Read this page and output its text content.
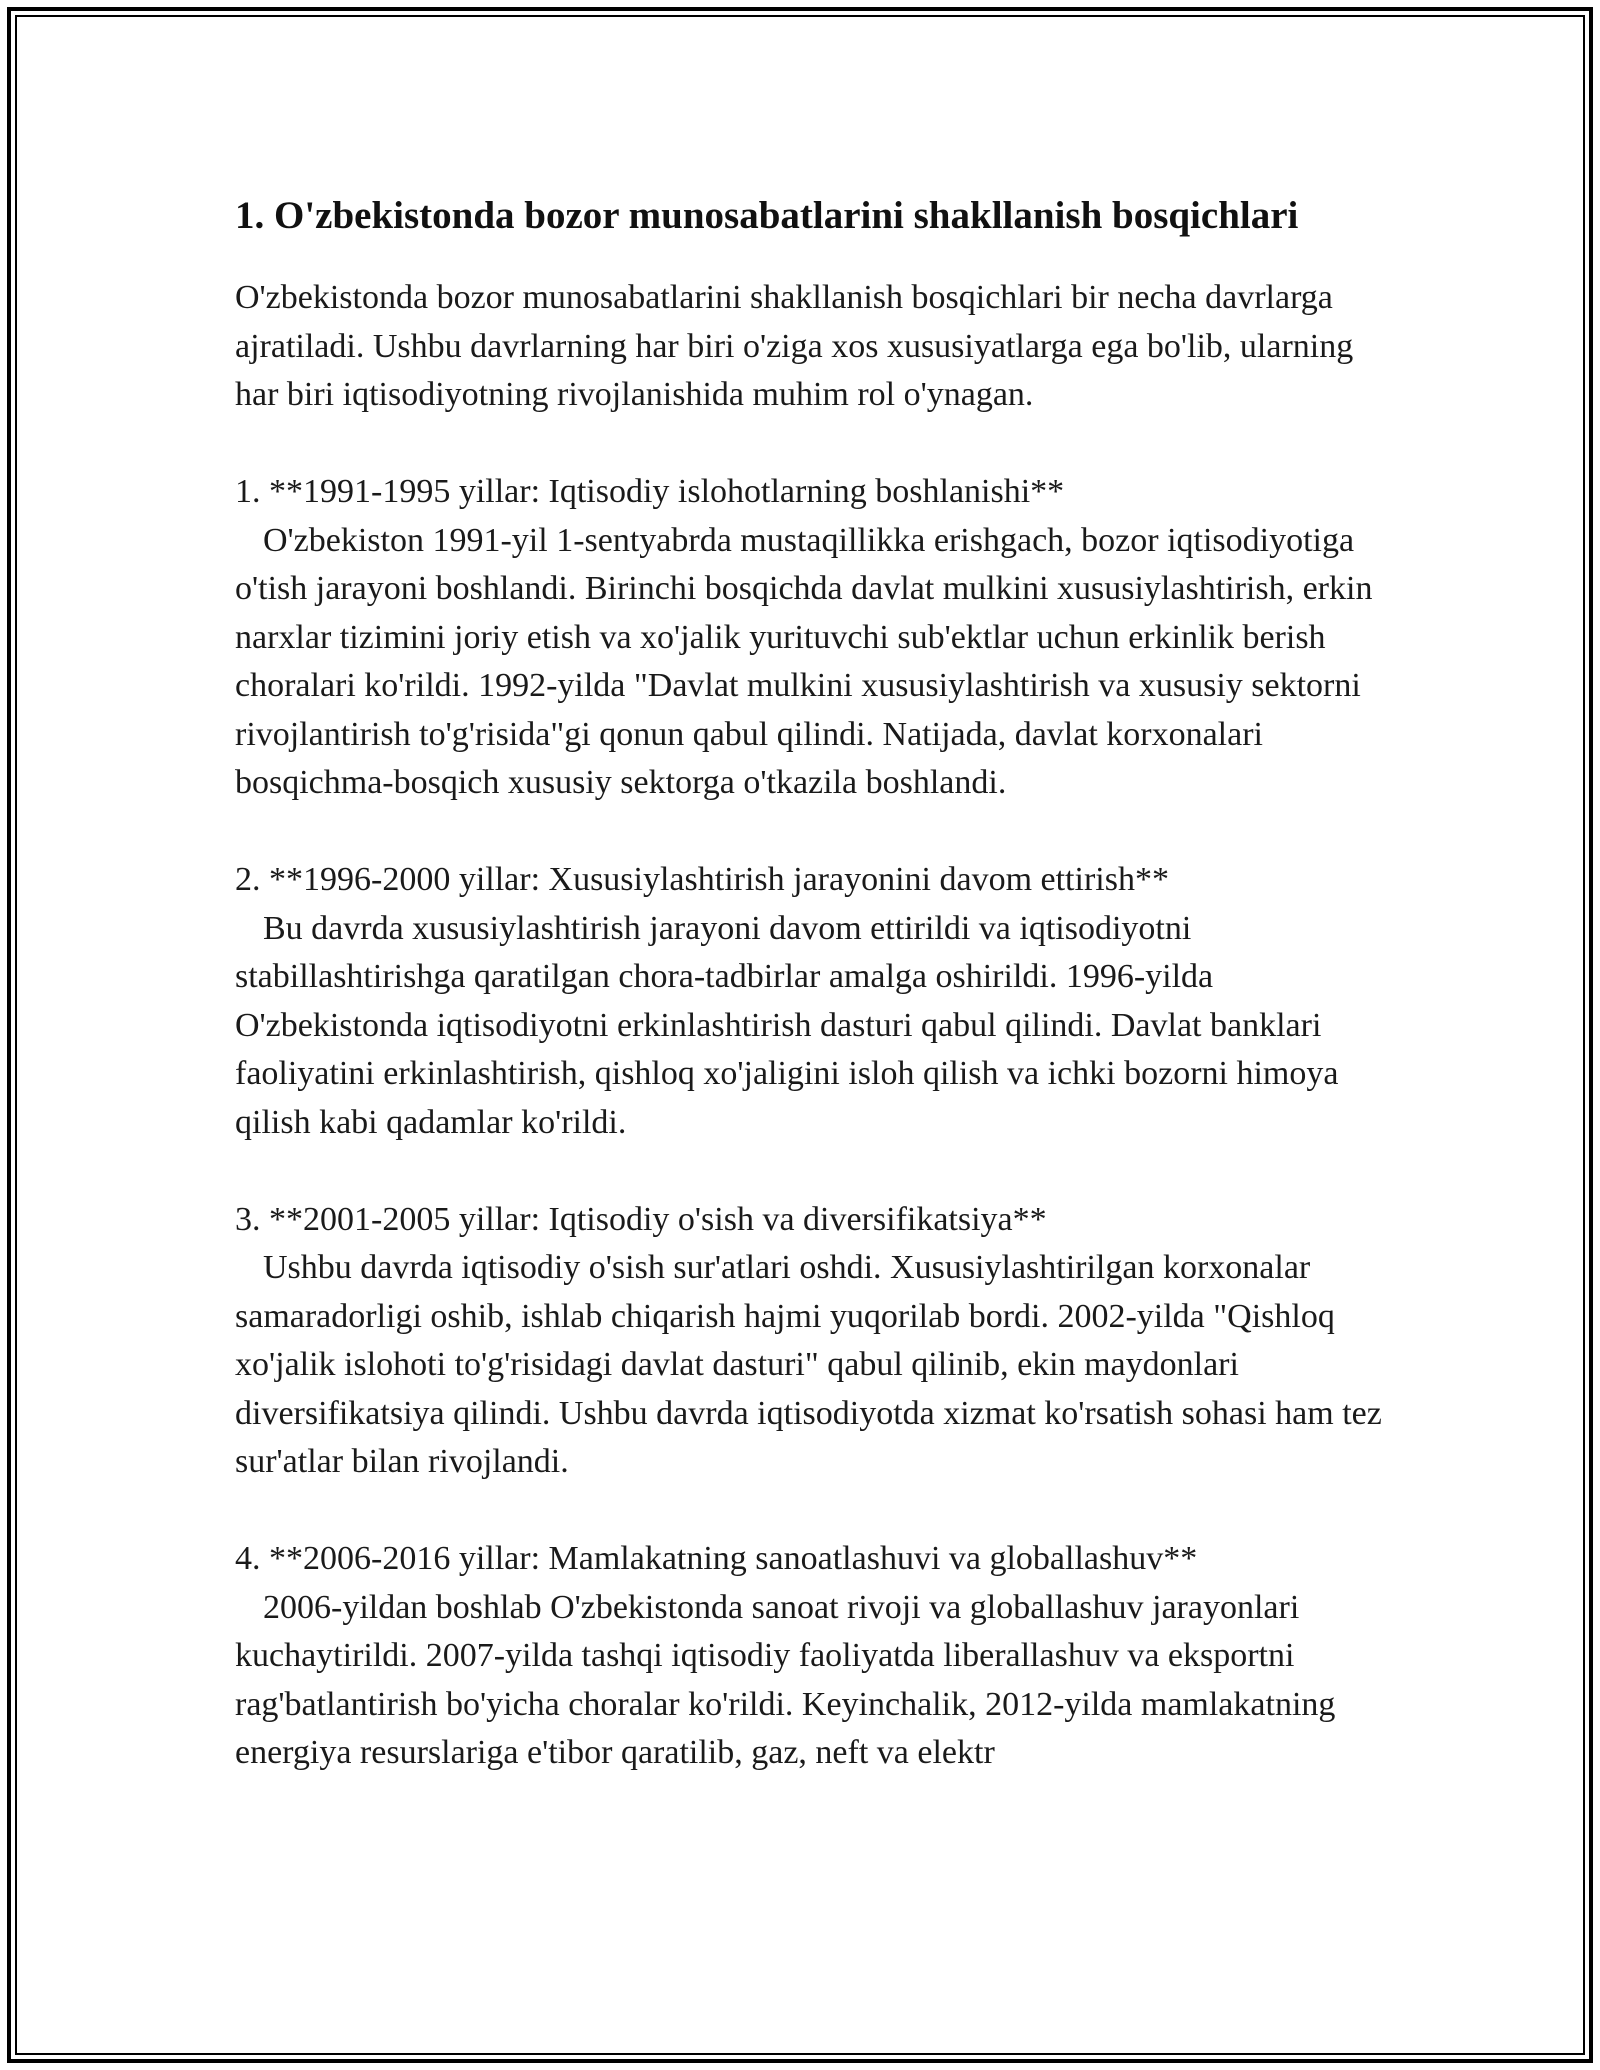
1. O'zbekistonda bozor munosabatlarini shakllanish bosqichlari

O'zbekistonda bozor munosabatlarini shakllanish bosqichlari bir necha davrlarga ajratiladi. Ushbu davrlarning har biri o'ziga xos xususiyatlarga ega bo'lib, ularning har biri iqtisodiyotning rivojlanishida muhim rol o'ynagan.

1. **1991-1995 yillar: Iqtisodiy islohotlarning boshlanishi**

O'zbekiston 1991-yil 1-sentyabrda mustaqillikka erishgach, bozor iqtisodiyotiga o'tish jarayoni boshlandi. Birinchi bosqichda davlat mulkini xususiylashtirish, erkin narxlar tizimini joriy etish va xo'jalik yurituvchi sub'ektlar uchun erkinlik berish choralari ko'rildi. 1992-yilda "Davlat mulkini xususiylashtirish va xususiy sektorni rivojlantirish to'g'risida"gi qonun qabul qilindi. Natijada, davlat korxonalari bosqichma-bosqich xususiy sektorga o'tkazila boshlandi.

2. **1996-2000 yillar: Xususiylashtirish jarayonini davom ettirish**

Bu davrda xususiylashtirish jarayoni davom ettirildi va iqtisodiyotni stabillashtirishga qaratilgan chora-tadbirlar amalga oshirildi. 1996-yilda O'zbekistonda iqtisodiyotni erkinlashtirish dasturi qabul qilindi. Davlat banklari faoliyatini erkinlashtirish, qishloq xo'jaligini isloh qilish va ichki bozorni himoya qilish kabi qadamlar ko'rildi.

3. **2001-2005 yillar: Iqtisodiy o'sish va diversifikatsiya**

Ushbu davrda iqtisodiy o'sish sur'atlari oshdi. Xususiylashtirilgan korxonalar samaradorligi oshib, ishlab chiqarish hajmi yuqorilab bordi. 2002-yilda "Qishloq xo'jalik islohoti to'g'risidagi davlat dasturi" qabul qilinib, ekin maydonlari diversifikatsiya qilindi. Ushbu davrda iqtisodiyotda xizmat ko'rsatish sohasi ham tez sur'atlar bilan rivojlandi.

4. **2006-2016 yillar: Mamlakatning sanoatlashuvi va globallashuv**

2006-yildan boshlab O'zbekistonda sanoat rivoji va globallashuv jarayonlari kuchaytirildi. 2007-yilda tashqi iqtisodiy faoliyatda liberallashuv va eksportni rag'batlantirish bo'yicha choralar ko'rildi. Keyinchalik, 2012-yilda mamlakatning energiya resurslariga e'tibor qaratilib, gaz, neft va elektr
